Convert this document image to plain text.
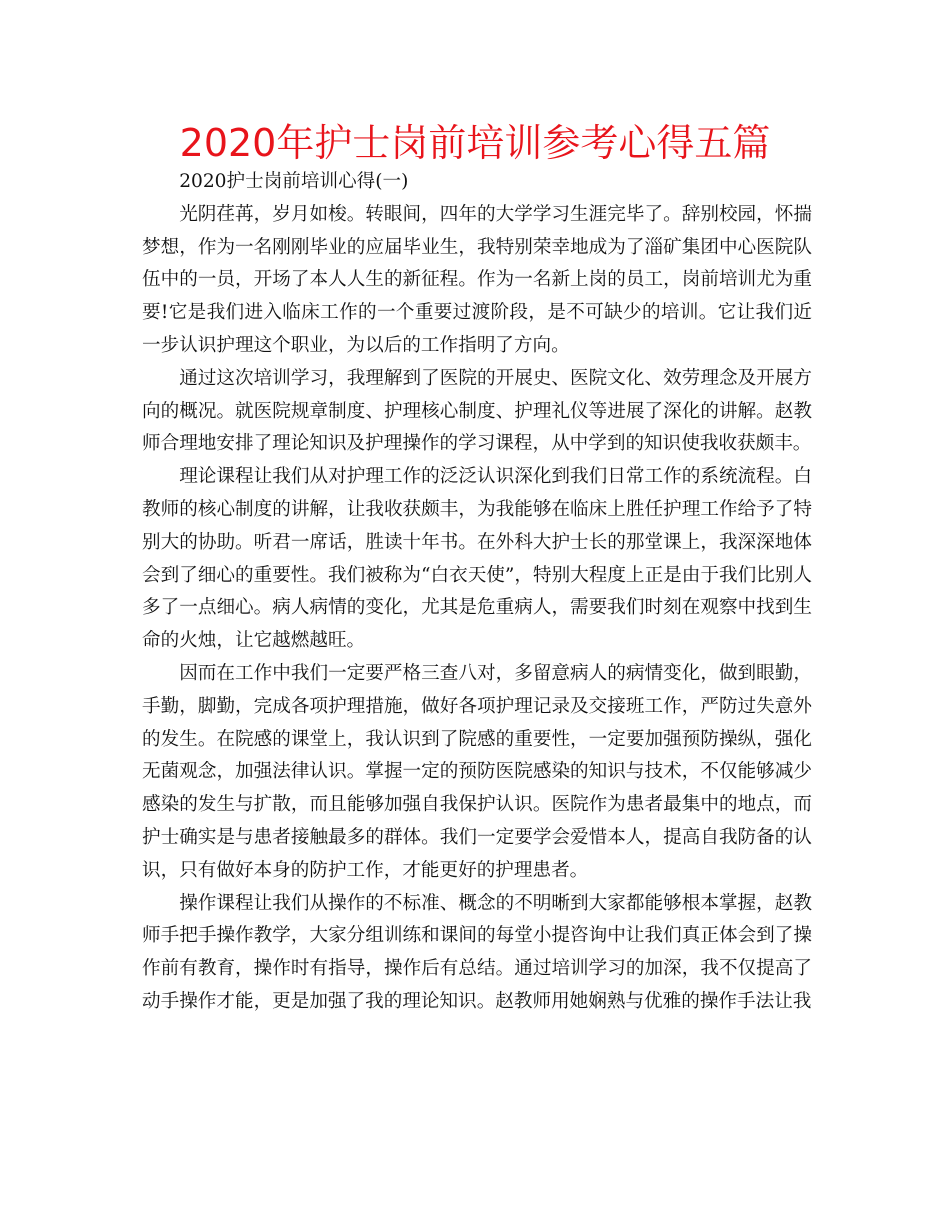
2020年护士岗前培训参考心得五篇

2020护士岗前培训心得(一)

光阴荏苒，岁月如梭。转眼间，四年的大学学习生涯完毕了。辞别校园，怀揣梦想，作为一名刚刚毕业的应届毕业生，我特别荣幸地成为了淄矿集团中心医院队伍中的一员，开场了本人人生的新征程。作为一名新上岗的员工，岗前培训尤为重要!它是我们进入临床工作的一个重要过渡阶段，是不可缺少的培训。它让我们近一步认识护理这个职业，为以后的工作指明了方向。

通过这次培训学习，我理解到了医院的开展史、医院文化、效劳理念及开展方向的概况。就医院规章制度、护理核心制度、护理礼仪等进展了深化的讲解。赵教师合理地安排了理论知识及护理操作的学习课程，从中学到的知识使我收获颇丰。

理论课程让我们从对护理工作的泛泛认识深化到我们日常工作的系统流程。白教师的核心制度的讲解，让我收获颇丰，为我能够在临床上胜任护理工作给予了特别大的协助。听君一席话，胜读十年书。在外科大护士长的那堂课上，我深深地体会到了细心的重要性。我们被称为“白衣天使”，特别大程度上正是由于我们比别人多了一点细心。病人病情的变化，尤其是危重病人，需要我们时刻在观察中找到生命的火烛，让它越燃越旺。

因而在工作中我们一定要严格三查八对，多留意病人的病情变化，做到眼勤，手勤，脚勤，完成各项护理措施，做好各项护理记录及交接班工作，严防过失意外的发生。在院感的课堂上，我认识到了院感的重要性，一定要加强预防操纵，强化无菌观念，加强法律认识。掌握一定的预防医院感染的知识与技术，不仅能够减少感染的发生与扩散，而且能够加强自我保护认识。医院作为患者最集中的地点，而护士确实是与患者接触最多的群体。我们一定要学会爱惜本人，提高自我防备的认识，只有做好本身的防护工作，才能更好的护理患者。

操作课程让我们从操作的不标准、概念的不明晰到大家都能够根本掌握，赵教师手把手操作教学，大家分组训练和课间的每堂小提咨询中让我们真正体会到了操作前有教育，操作时有指导，操作后有总结。通过培训学习的加深，我不仅提高了动手操作才能，更是加强了我的理论知识。赵教师用她娴熟与优雅的操作手法让我
